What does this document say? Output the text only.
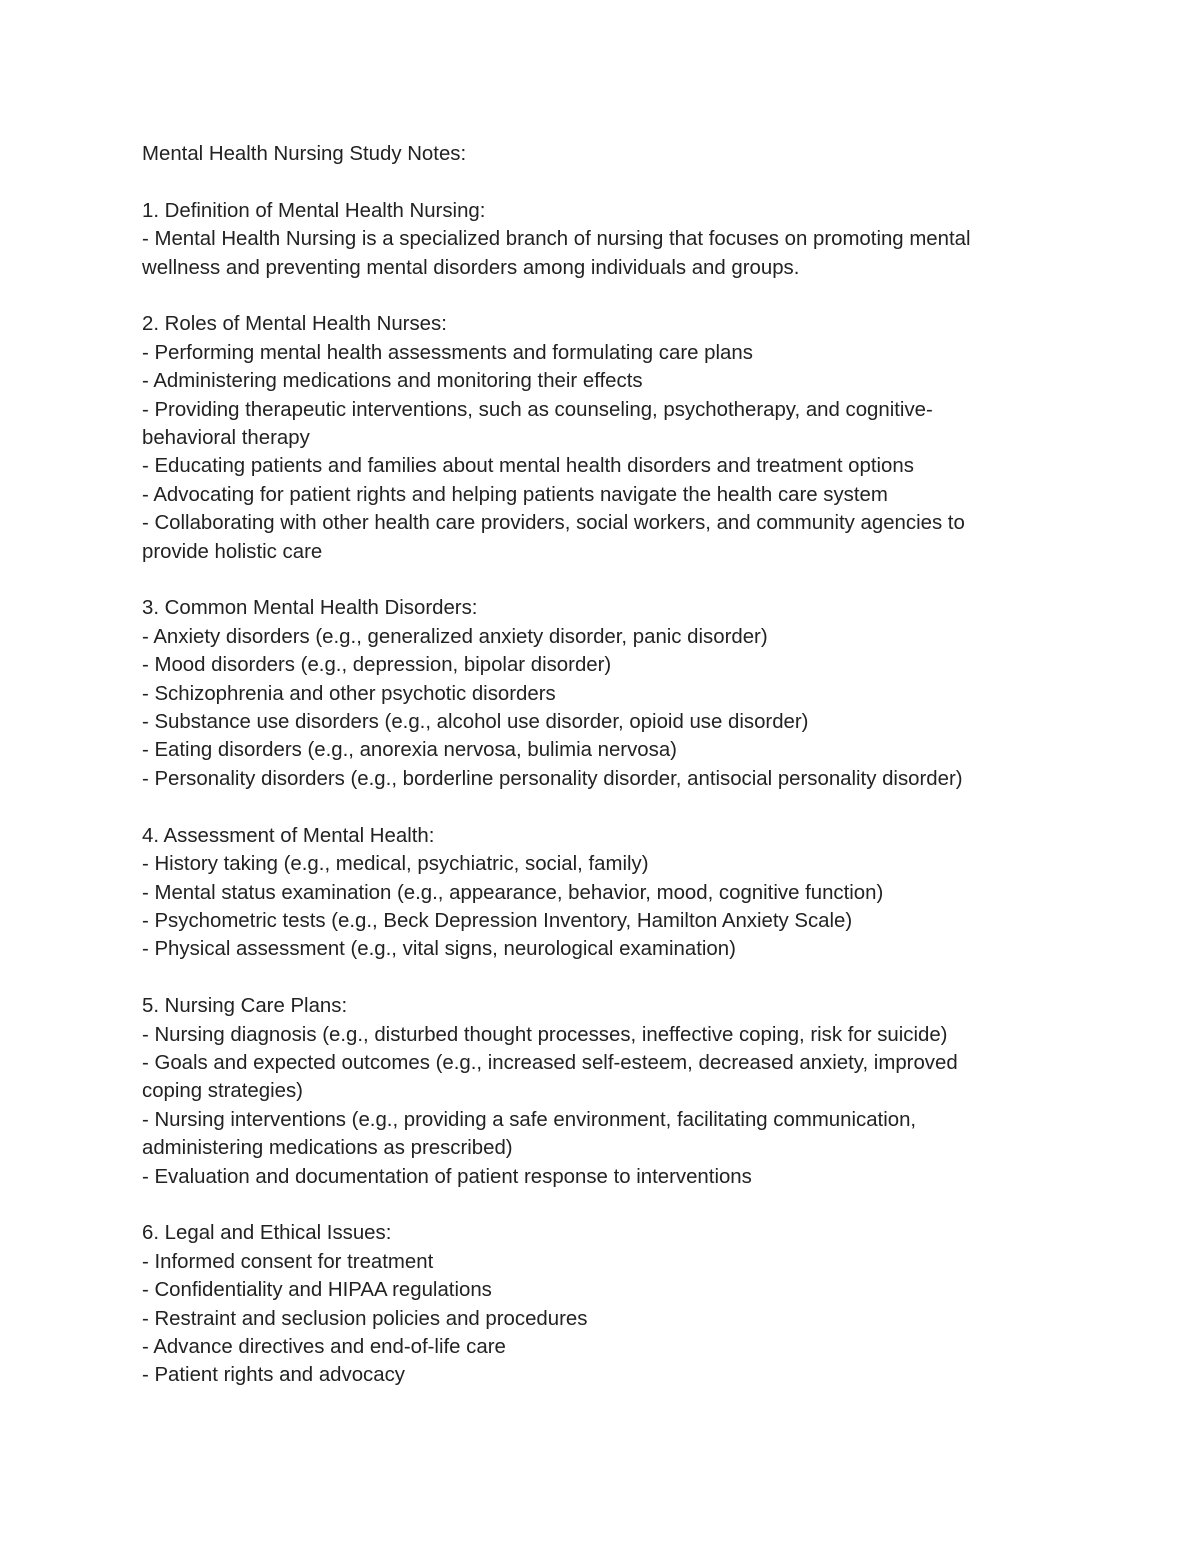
Mental Health Nursing Study Notes:

1. Definition of Mental Health Nursing:

- Mental Health Nursing is a specialized branch of nursing that focuses on promoting mental wellness and preventing mental disorders among individuals and groups.

2. Roles of Mental Health Nurses:

- Performing mental health assessments and formulating care plans

- Administering medications and monitoring their effects

- Providing therapeutic interventions, such as counseling, psychotherapy, and cognitive-behavioral therapy

- Educating patients and families about mental health disorders and treatment options

- Advocating for patient rights and helping patients navigate the health care system

- Collaborating with other health care providers, social workers, and community agencies to provide holistic care

3. Common Mental Health Disorders:

- Anxiety disorders (e.g., generalized anxiety disorder, panic disorder)

- Mood disorders (e.g., depression, bipolar disorder)

- Schizophrenia and other psychotic disorders

- Substance use disorders (e.g., alcohol use disorder, opioid use disorder)

- Eating disorders (e.g., anorexia nervosa, bulimia nervosa)

- Personality disorders (e.g., borderline personality disorder, antisocial personality disorder)

4. Assessment of Mental Health:

- History taking (e.g., medical, psychiatric, social, family)

- Mental status examination (e.g., appearance, behavior, mood, cognitive function)

- Psychometric tests (e.g., Beck Depression Inventory, Hamilton Anxiety Scale)

- Physical assessment (e.g., vital signs, neurological examination)

5. Nursing Care Plans:

- Nursing diagnosis (e.g., disturbed thought processes, ineffective coping, risk for suicide)

- Goals and expected outcomes (e.g., increased self-esteem, decreased anxiety, improved coping strategies)

- Nursing interventions (e.g., providing a safe environment, facilitating communication, administering medications as prescribed)

- Evaluation and documentation of patient response to interventions

6. Legal and Ethical Issues:

- Informed consent for treatment

- Confidentiality and HIPAA regulations

- Restraint and seclusion policies and procedures

- Advance directives and end-of-life care

- Patient rights and advocacy
